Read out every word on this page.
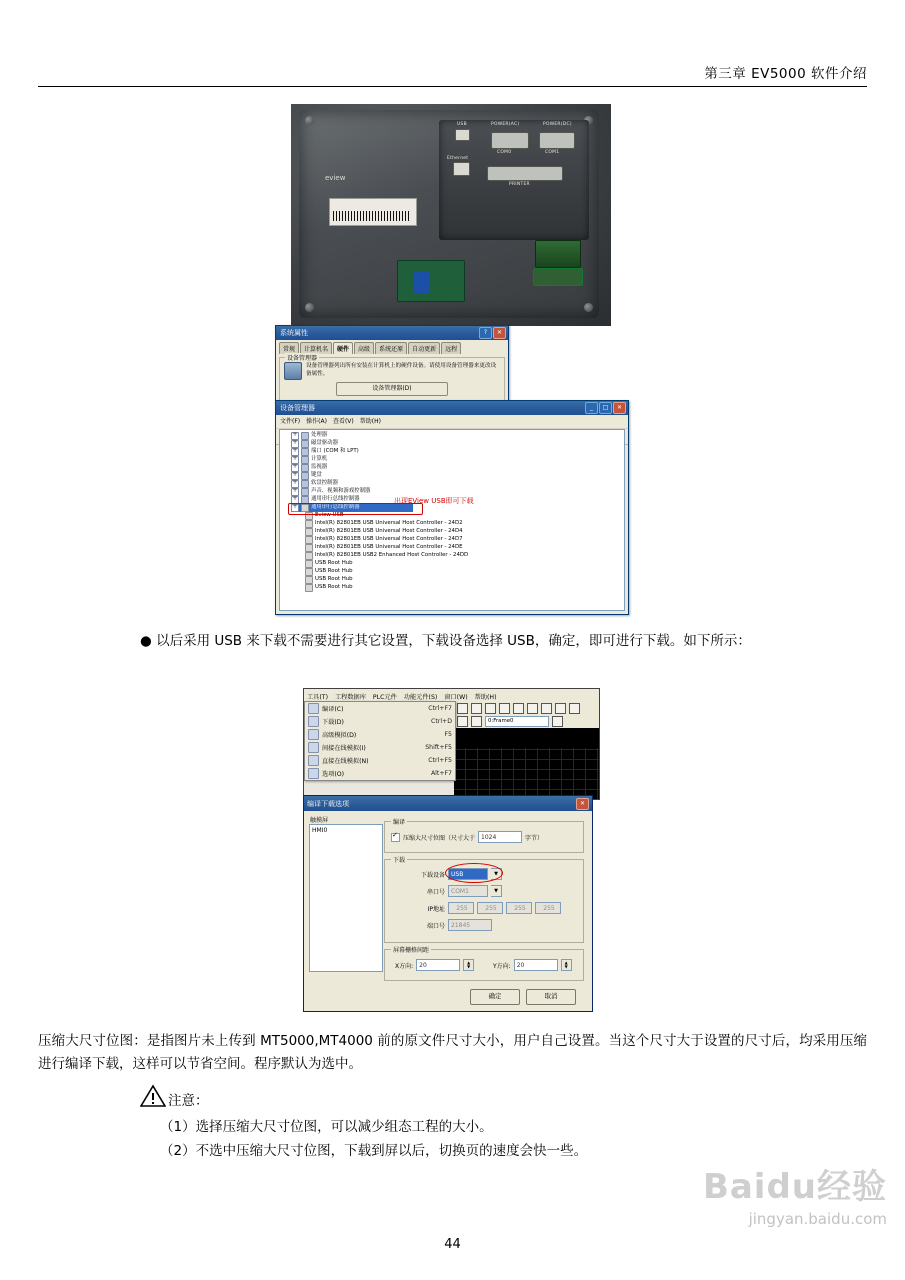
第三章 EV5000 软件介绍
USB
Ethernet
POWER(AC)	POWER(DC)
COM0	COM1
PRINTER
eview
系统属性	?	✕
常规	计算机名	硬件	高级	系统还原	自动更新	远程
设备管理器
设备管理器列出所有安装在计算机上的硬件设备。请使用设备管理器来更改设备属性。
设备管理器(D)
设备管理器	_	□	✕
文件(F) 操作(A) 查看(V) 帮助(H)
+
处理器
+
磁盘驱动器
+
端口 (COM 和 LPT)
+
计算机
+
监视器
+
键盘
+
软盘控制器
+
声音、视频和游戏控制器
+
通用串行总线控制器
+
通用串行总线控制器
Eview USB
Intel(R) 82801EB USB Universal Host Controller - 24D2
Intel(R) 82801EB USB Universal Host Controller - 24D4
Intel(R) 82801EB USB Universal Host Controller - 24D7
Intel(R) 82801EB USB Universal Host Controller - 24DE
Intel(R) 82801EB USB2 Enhanced Host Controller - 24DD
USB Root Hub
USB Root Hub
USB Root Hub
USB Root Hub
出现EView USB即可下载
● 以后采用 USB 来下载不需要进行其它设置，下载设备选择 USB，确定，即可进行下载。如下所示：
工具(T) 工程数据库 PLC元件 功能元件(S) 窗口(W) 帮助(H)
0:Frame0
编译(C)	Ctrl+F7
下载(D)	Ctrl+D
高级模拟(D)	F5
间接在线模拟(I)	Shift+F5
直接在线模拟(N)	Ctrl+F5
选项(O)	Alt+F7
编译下载选项	✕
触摸屏
HMI0
编译
✓
压缩大尺寸位图（尺寸大于	1024	字节）
下载
下载设备	USB	▼
串口号	COM1	▼
IP地址	255	255	255	255
端口号	21845
屏幕栅格间距
X方向:	20	▲
▼	Y方向:	20	▲
▼
确定	取消
压缩大尺寸位图：是指图片未上传到 MT5000,MT4000 前的原文件尺寸大小，用户自己设置。当这个尺寸大于设置的尺寸后，均采用压缩进行编译下载，这样可以节省空间。程序默认为选中。
注意：
（1）选择压缩大尺寸位图，可以减少组态工程的大小。
（2）不选中压缩大尺寸位图，下载到屏以后，切换页的速度会快一些。
Baidu经验
jingyan.baidu.com
44
